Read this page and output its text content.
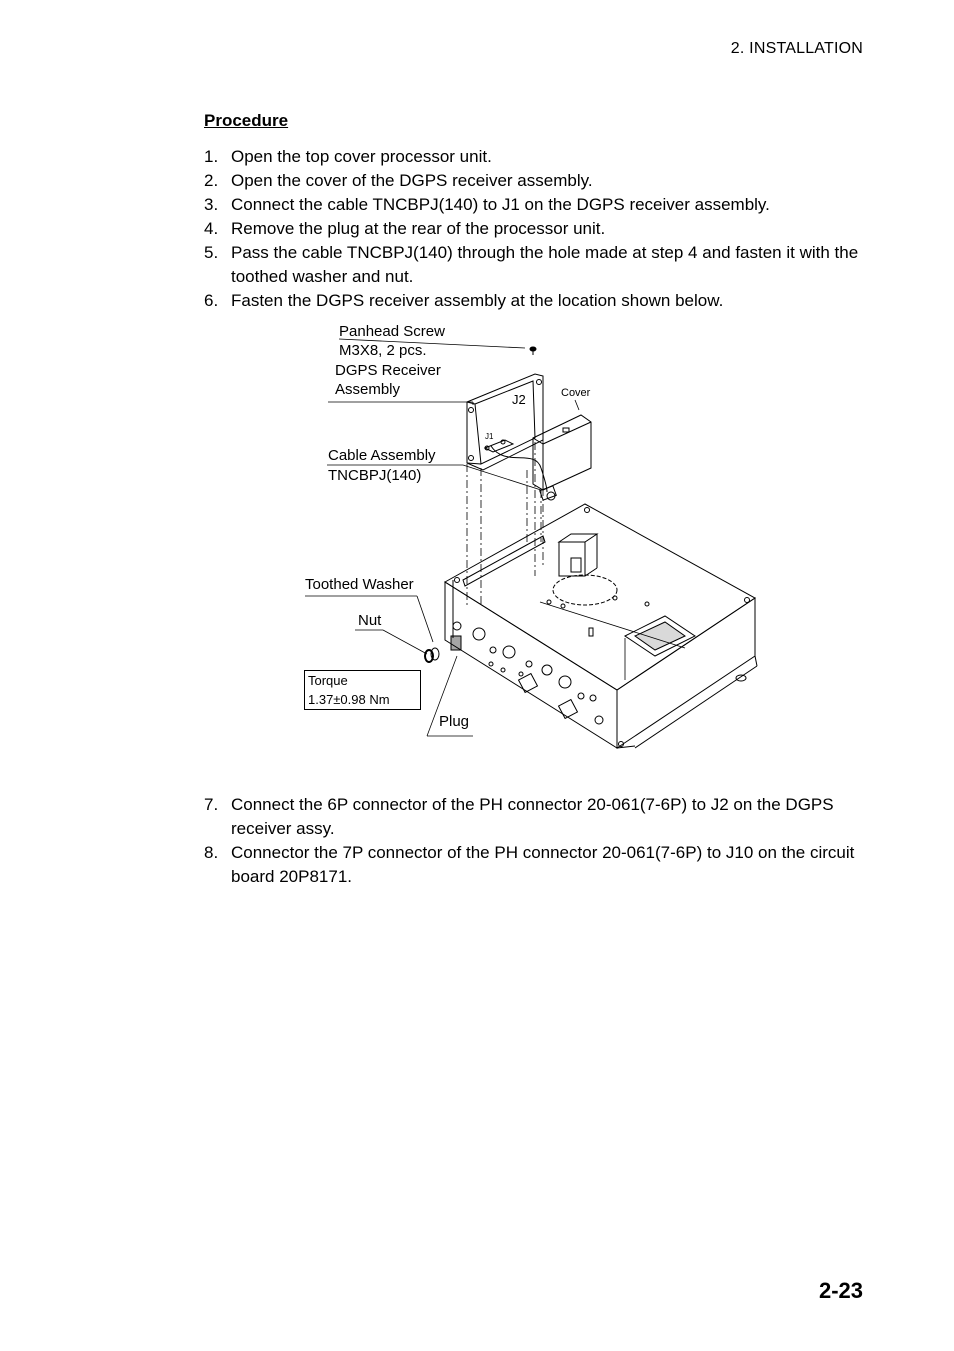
2. INSTALLATION
Procedure
1. Open the top cover processor unit.
2. Open the cover of the DGPS receiver assembly.
3. Connect the cable TNCBPJ(140) to J1 on the DGPS receiver assembly.
4. Remove the plug at the rear of the processor unit.
5. Pass the cable TNCBPJ(140) through the hole made at step 4 and fasten it with the toothed washer and nut.
6. Fasten the DGPS receiver assembly at the location shown below.
Panhead Screw
M3X8, 2 pcs.
DGPS Receiver
Assembly
J2
J1
Cover
Cable Assembly
TNCBPJ(140)
Toothed Washer
Nut
Torque
1.37±0.98 Nm
Plug
7. Connect the 6P connector of the PH connector 20-061(7-6P) to J2 on the DGPS receiver assy.
8. Connector the 7P connector of the PH connector 20-061(7-6P) to J10 on the circuit board 20P8171.
2-23
